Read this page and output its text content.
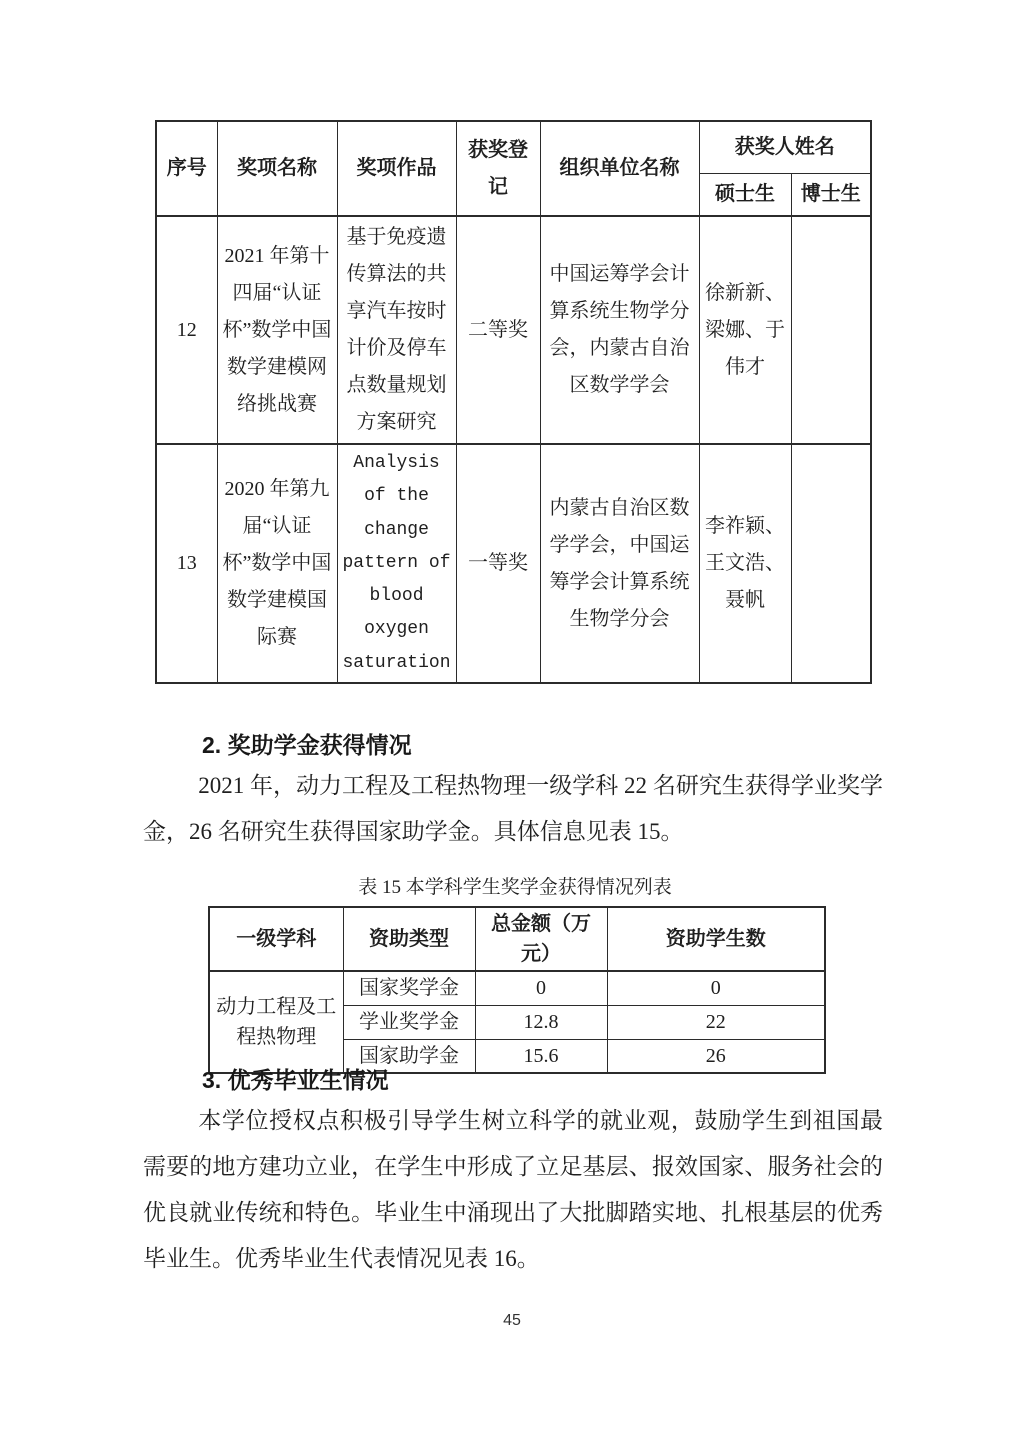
序号	奖项名称	奖项作品	获奖登记	组织单位名称	获奖人姓名	
					硕士生	博士生
12	2021 年第十四届“认证杯”数学中国数学建模网络挑战赛	基于免疫遗传算法的共享汽车按时计价及停车点数量规划 方案研究	二等奖	中国运筹学会计算系统生物学分会，内蒙古自治区数学学会	徐新新、梁娜、于伟才	
13	2020 年第九届“认证杯”数学中国数学建模国际赛	Analysis of the change pattern of blood oxygen saturation	一等奖	内蒙古自治区数学学会，中国运筹学会计算系统生物学分会	李祚颖、王文浩、聂帆	
2. 奖助学金获得情况

2021 年，动力工程及工程热物理一级学科 22 名研究生获得学业奖学金，26 名研究生获得国家助学金。具体信息见表 15。

表 15 本学科学生奖学金获得情况列表
一级学科	资助类型	总金额（万元）	资助学生数
动力工程及工程热物理	国家奖学金	0	0
	学业奖学金	12.8	22
	国家助学金	15.6	26
3. 优秀毕业生情况

本学位授权点积极引导学生树立科学的就业观，鼓励学生到祖国最需要的地方建功立业，在学生中形成了立足基层、报效国家、服务社会的优良就业传统和特色。毕业生中涌现出了大批脚踏实地、扎根基层的优秀毕业生。优秀毕业生代表情况见表 16。

45
